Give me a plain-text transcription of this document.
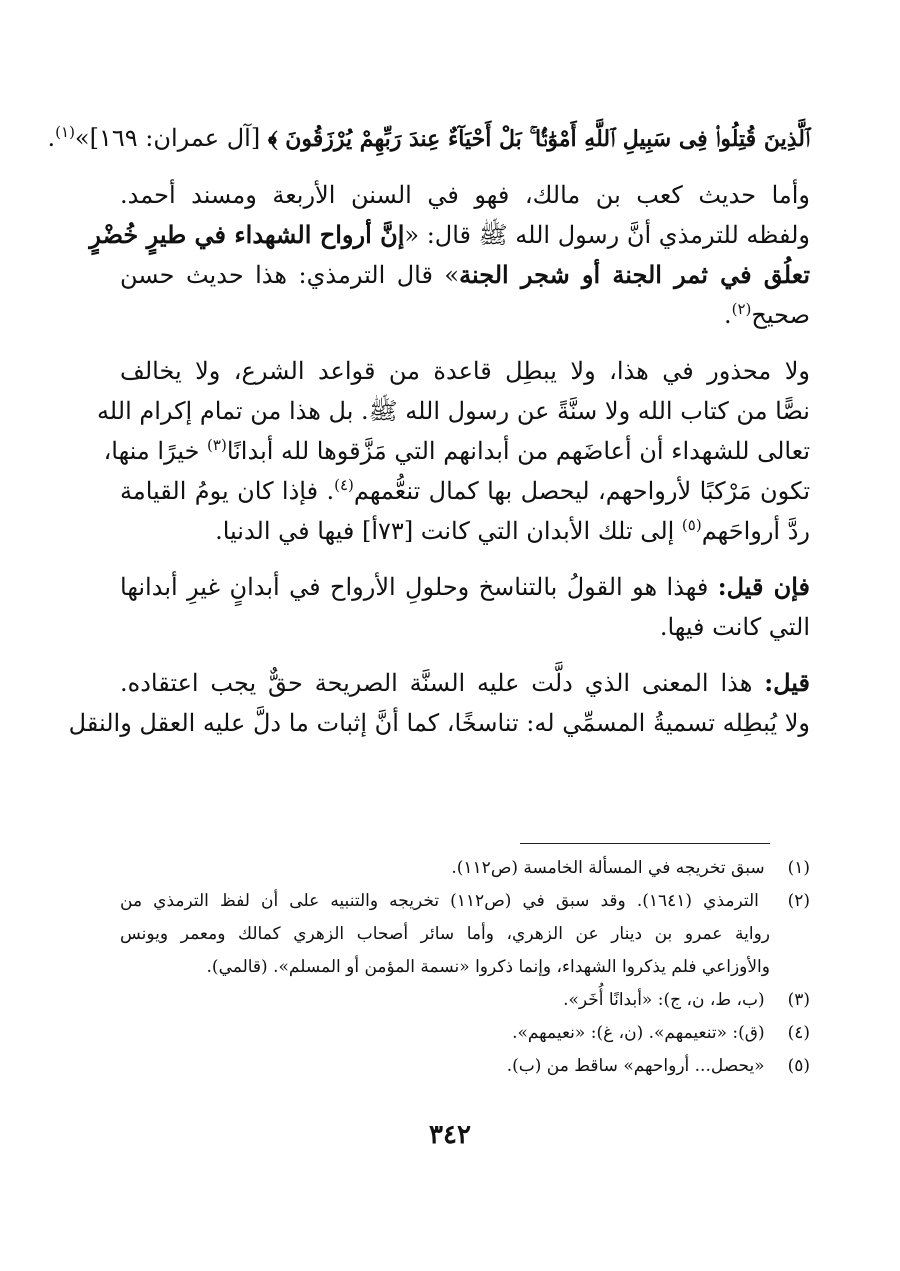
ٱلَّذِينَ قُتِلُوا۟ فِى سَبِيلِ ٱللَّهِ أَمْوَٰتًۢا ۚ بَلْ أَحْيَآءٌ عِندَ رَبِّهِمْ يُرْزَقُونَ ﴾ [آل عمران: ١٦٩]»$^{(١)}$.

وأما حديث كعب بن مالك، فهو في السنن الأربعة ومسند أحمد.

ولفظه للترمذي أنَّ رسول الله ﷺ قال: «إنَّ أرواح الشهداء في طيرٍ خُضْرٍ

تعلُق في ثمر الجنة أو شجر الجنة» قال الترمذي: هذا حديث حسن

صحيح$^{(٢)}$.

ولا محذور في هذا، ولا يبطِل قاعدة من قواعد الشرع، ولا يخالف

نصًّا من كتاب الله ولا سنَّةً عن رسول الله ﷺ. بل هذا من تمام إكرام الله

تعالى للشهداء أن أعاضَهم من أبدانهم التي مَزَّقوها لله أبدانًا$^{(٣)}$ خيرًا منها،

تكون مَرْكبًا لأرواحهم، ليحصل بها كمال تنعُّمهم$^{(٤)}$. فإذا كان يومُ القيامة

ردَّ أرواحَهم$^{(٥)}$ إلى تلك الأبدان التي كانت [٧٣أ] فيها في الدنيا.

فإن قيل: فهذا هو القولُ بالتناسخ وحلولِ الأرواح في أبدانٍ غيرِ أبدانها

التي كانت فيها.

قيل: هذا المعنى الذي دلَّت عليه السنَّة الصريحة حقٌّ يجب اعتقاده.

ولا يُبطِله تسميةُ المسمِّي له: تناسخًا، كما أنَّ إثبات ما دلَّ عليه العقل والنقل

(١) سبق تخريجه في المسألة الخامسة (ص١١٢).

(٢) الترمذي (١٦٤١). وقد سبق في (ص١١٢) تخريجه والتنبيه على أن لفظ الترمذي من

رواية عمرو بن دينار عن الزهري، وأما سائر أصحاب الزهري كمالك ومعمر ويونس

والأوزاعي فلم يذكروا الشهداء، وإنما ذكروا «نسمة المؤمن أو المسلم». (قالمي).

(٣) (ب، ط، ن، ج): «أبدانًا أُخَر».

(٤) (ق): «تنعيمهم». (ن، غ): «نعيمهم».

(٥) «يحصل... أرواحهم» ساقط من (ب).

٣٤٢
